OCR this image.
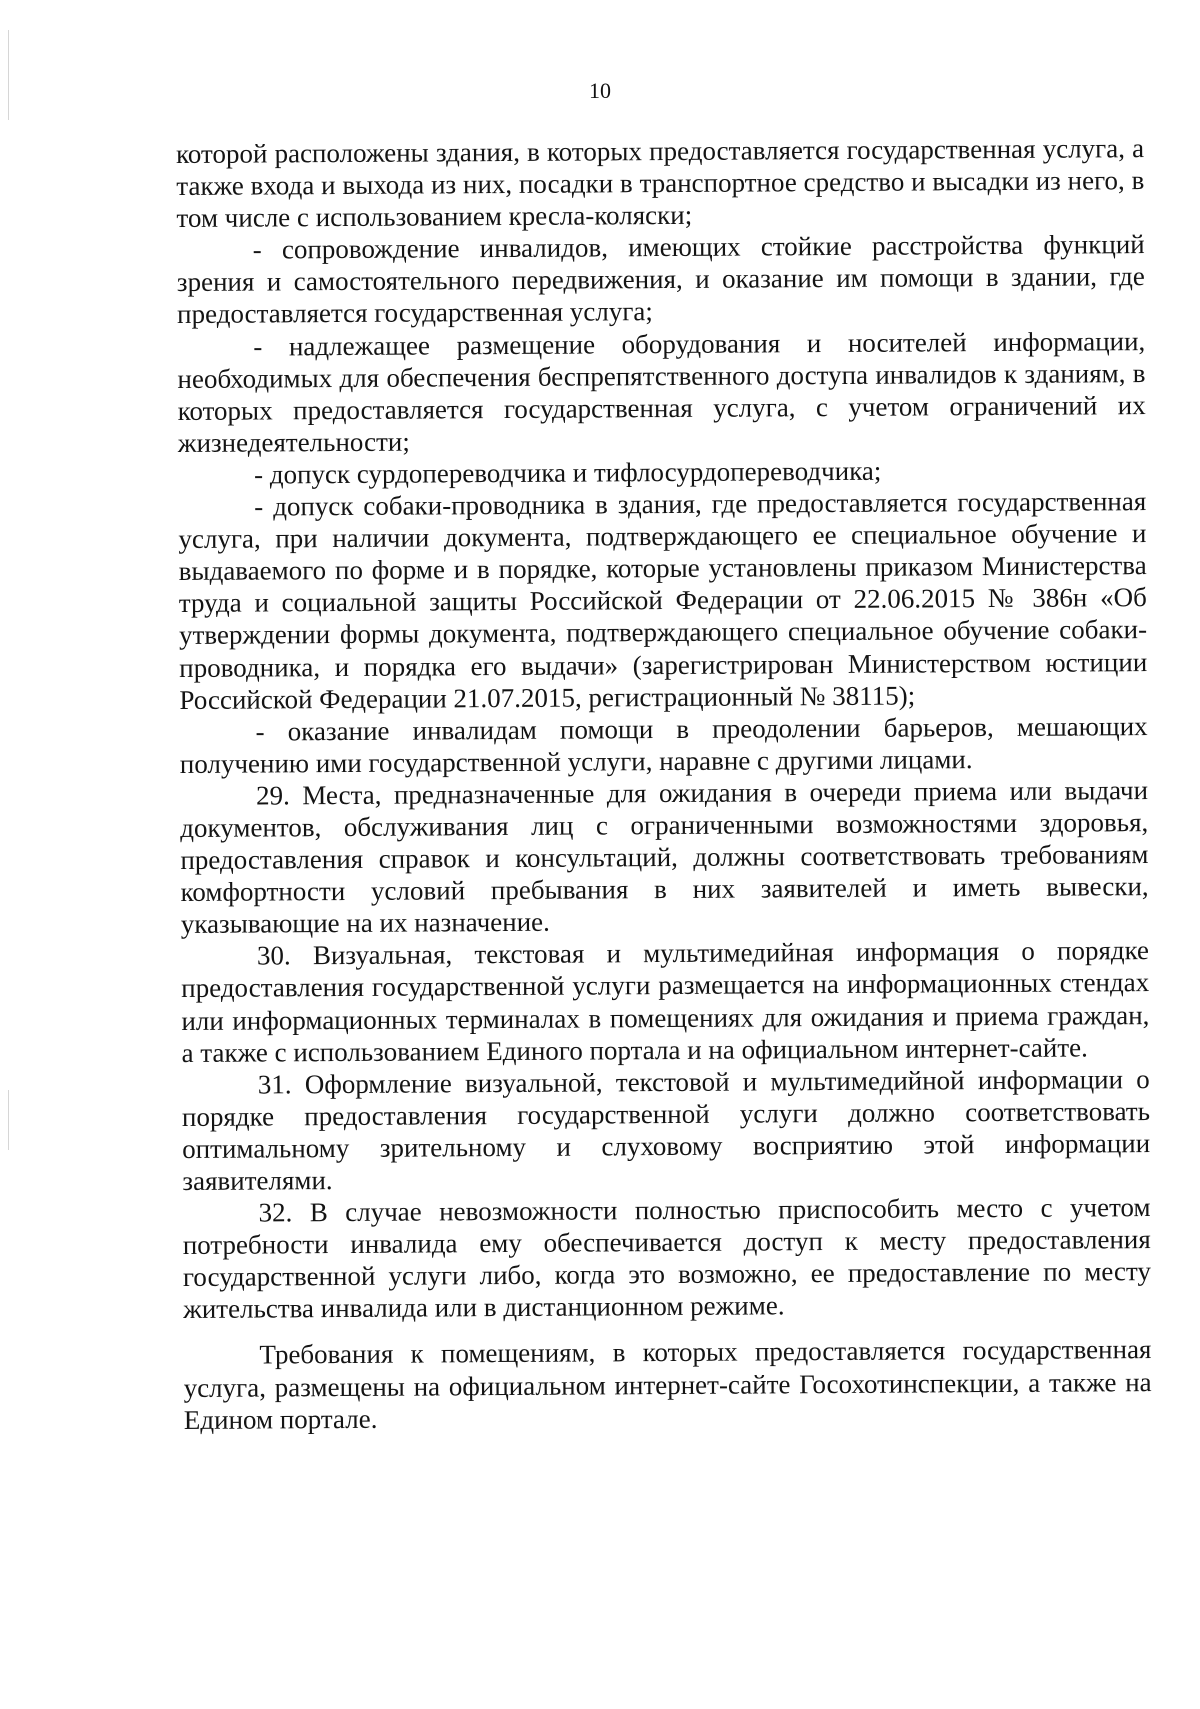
10

которой расположены здания, в которых предоставляется государственная услуга, а также входа и выхода из них, посадки в транспортное средство и высадки из него, в том числе с использованием кресла-коляски;

- сопровождение инвалидов, имеющих стойкие расстройства функций зрения и самостоятельного передвижения, и оказание им помощи в здании, где предоставляется государственная услуга;

- надлежащее размещение оборудования и носителей информации, необходимых для обеспечения беспрепятственного доступа инвалидов к зданиям, в которых предоставляется государственная услуга, с учетом ограничений их жизнедеятельности;

- допуск сурдопереводчика и тифлосурдопереводчика;

- допуск собаки-проводника в здания, где предоставляется государственная услуга, при наличии документа, подтверждающего ее специальное обучение и выдаваемого по форме и в порядке, которые установлены приказом Министерства труда и социальной защиты Российской Федерации от 22.06.2015 № 386н «Об утверждении формы документа, подтверждающего специальное обучение собаки-проводника, и порядка его выдачи» (зарегистрирован Министерством юстиции Российской Федерации 21.07.2015, регистрационный № 38115);

- оказание инвалидам помощи в преодолении барьеров, мешающих получению ими государственной услуги, наравне с другими лицами.

29. Места, предназначенные для ожидания в очереди приема или выдачи документов, обслуживания лиц с ограниченными возможностями здоровья, предоставления справок и консультаций, должны соответствовать требованиям комфортности условий пребывания в них заявителей и иметь вывески, указывающие на их назначение.

30. Визуальная, текстовая и мультимедийная информация о порядке предоставления государственной услуги размещается на информационных стендах или информационных терминалах в помещениях для ожидания и приема граждан, а также с использованием Единого портала и на официальном интернет-сайте.

31. Оформление визуальной, текстовой и мультимедийной информации о порядке предоставления государственной услуги должно соответствовать оптимальному зрительному и слуховому восприятию этой информации заявителями.

32. В случае невозможности полностью приспособить место с учетом потребности инвалида ему обеспечивается доступ к месту предоставления государственной услуги либо, когда это возможно, ее предоставление по месту жительства инвалида или в дистанционном режиме.

Требования к помещениям, в которых предоставляется государственная услуга, размещены на официальном интернет-сайте Госохотинспекции, а также на Едином портале.
